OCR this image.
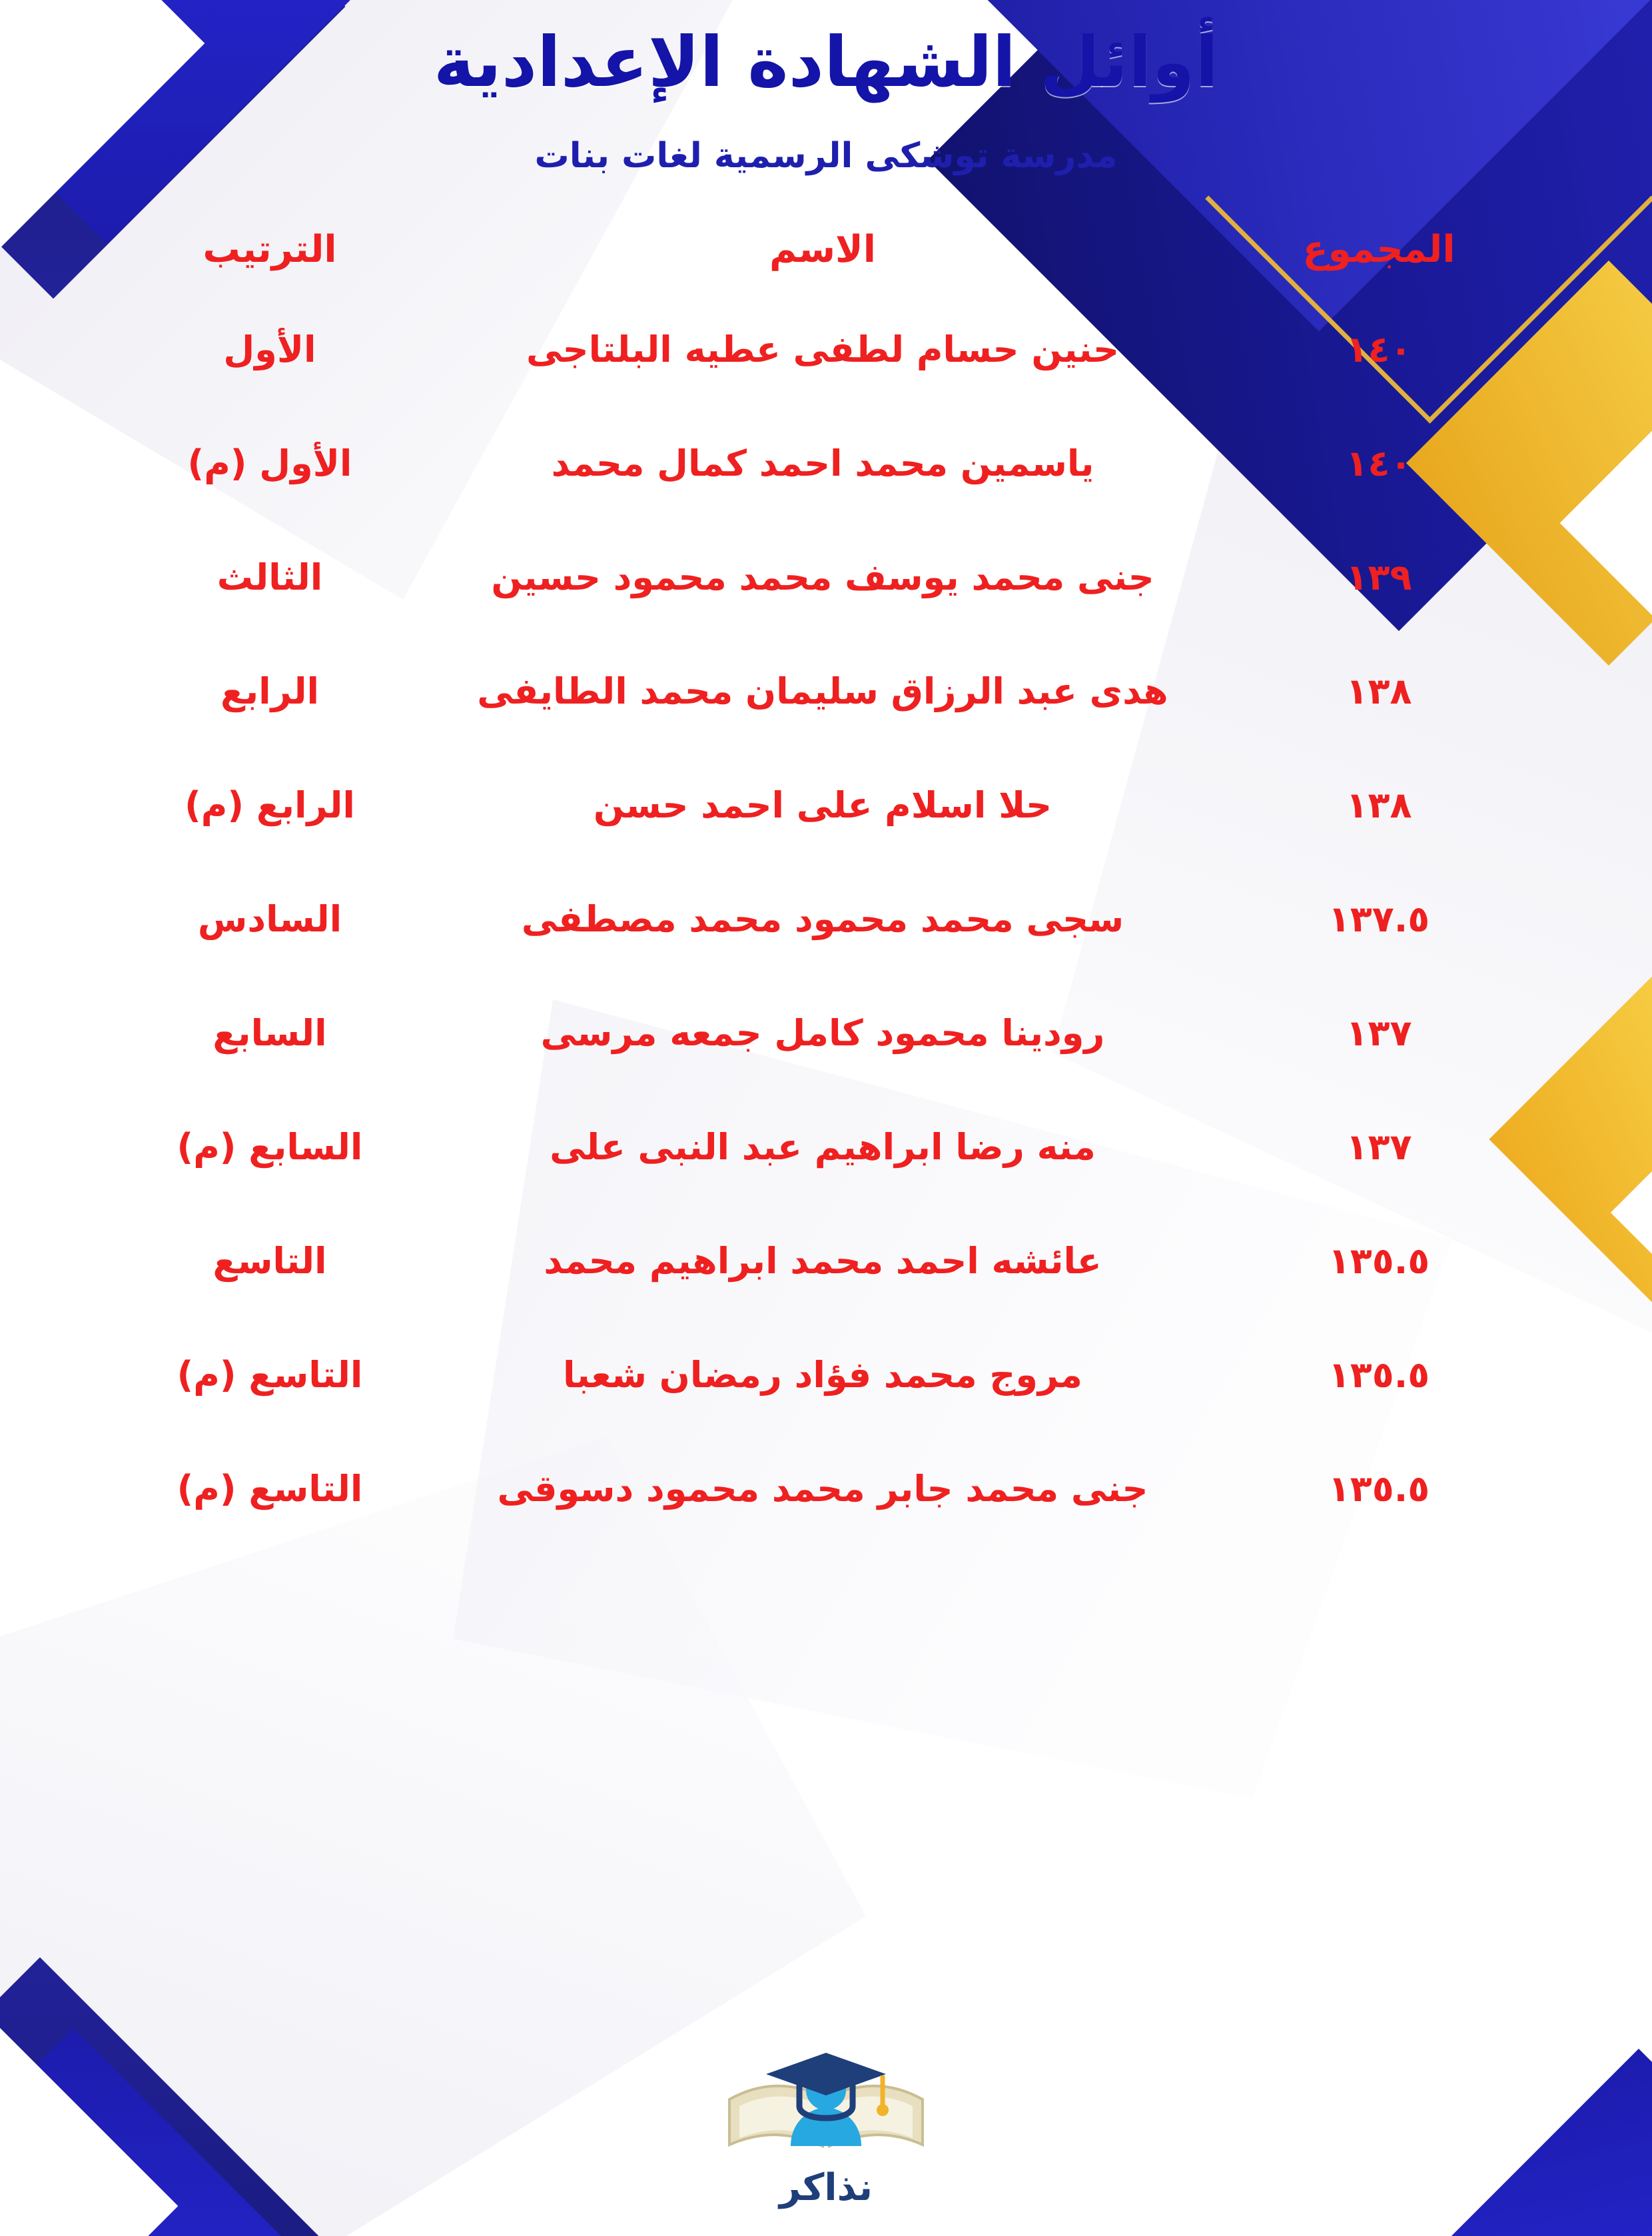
أوائل الشهادة الإعدادية
مدرسة توشكى الرسمية لغات بنات
المجموع	الاسم	الترتيب
١٤٠	حنين حسام لطفى عطيه البلتاجى	الأول
١٤٠	ياسمين محمد احمد كمال محمد	الأول (م)
١٣٩	جنى محمد يوسف محمد محمود حسين	الثالث
١٣٨	هدى عبد الرزاق سليمان محمد الطايفى	الرابع
١٣٨	حلا اسلام على احمد حسن	الرابع (م)
١٣٧.٥	سجى محمد محمود محمد مصطفى	السادس
١٣٧	رودينا محمود كامل جمعه مرسى	السابع
١٣٧	منه رضا ابراهيم عبد النبى على	السابع (م)
١٣٥.٥	عائشه احمد محمد ابراهيم محمد	التاسع
١٣٥.٥	مروج محمد فؤاد رمضان شعبا	التاسع (م)
١٣٥.٥	جنى محمد جابر محمد محمود دسوقى	التاسع (م)
نذاكر
